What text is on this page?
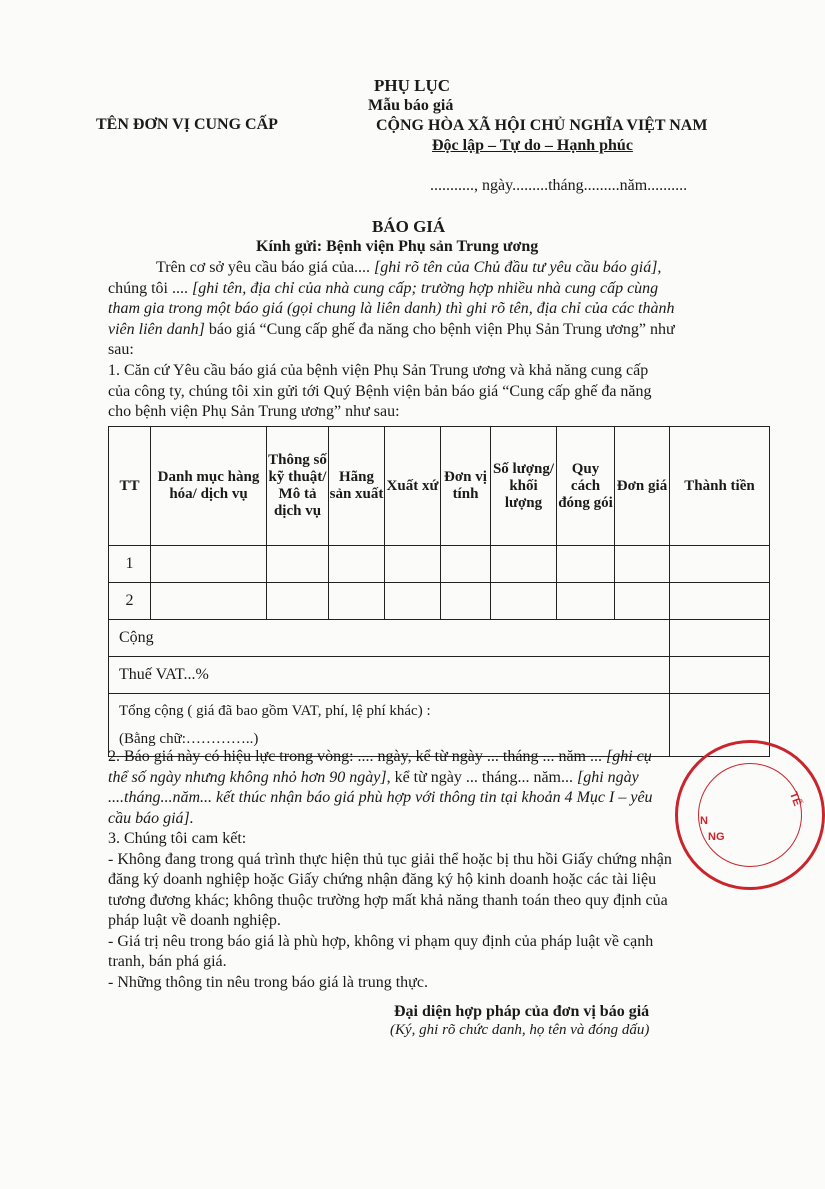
PHỤ LỤC
Mẫu báo giá
TÊN ĐƠN VỊ CUNG CẤP	CỘNG HÒA XÃ HỘI CHỦ NGHĨA VIỆT NAM
Độc lập – Tự do – Hạnh phúc
..........., ngày.........tháng.........năm..........
BÁO GIÁ
Kính gửi: Bệnh viện Phụ sản Trung ương
Trên cơ sở yêu cầu báo giá của.... [ghi rõ tên của Chủ đầu tư yêu cầu báo giá],
chúng tôi .... [ghi tên, địa chỉ của nhà cung cấp; trường hợp nhiều nhà cung cấp cùng
tham gia trong một báo giá (gọi chung là liên danh) thì ghi rõ tên, địa chỉ của các thành
viên liên danh] báo giá “Cung cấp ghế đa năng cho bệnh viện Phụ Sản Trung ương” như
sau:
1. Căn cứ Yêu cầu báo giá của bệnh viện Phụ Sản Trung ương và khả năng cung cấp
của công ty, chúng tôi xin gửi tới Quý Bệnh viện bản báo giá “Cung cấp ghế đa năng
cho bệnh viện Phụ Sản Trung ương” như sau:
TT	Danh mục hàng hóa/ dịch vụ	Thông số kỹ thuật/ Mô tả dịch vụ	Hãng sản xuất	Xuất xứ	Đơn vị tính	Số lượng/ khối lượng	Quy cách đóng gói	Đơn giá	Thành tiền
1									
2									
Cộng									
Thuế VAT...%									

Tổng cộng ( giá đã bao gồm VAT, phí, lệ phí khác) :
(Bằng chữ:…………..)									

2. Báo giá này có hiệu lực trong vòng: .... ngày, kể từ ngày ... tháng ... năm ... [ghi cụ
thể số ngày nhưng không nhỏ hơn 90 ngày], kể từ ngày ... tháng... năm... [ghi ngày
....tháng...năm... kết thúc nhận báo giá phù hợp với thông tin tại khoản 4 Mục I – yêu
cầu báo giá].
3. Chúng tôi cam kết:
- Không đang trong quá trình thực hiện thủ tục giải thể hoặc bị thu hồi Giấy chứng nhận
đăng ký doanh nghiệp hoặc Giấy chứng nhận đăng ký hộ kinh doanh hoặc các tài liệu
tương đương khác; không thuộc trường hợp mất khả năng thanh toán theo quy định của
pháp luật về doanh nghiệp.
- Giá trị nêu trong báo giá là phù hợp, không vi phạm quy định của pháp luật về cạnh
tranh, bán phá giá.
- Những thông tin nêu trong báo giá là trung thực.
Đại diện hợp pháp của đơn vị báo giá
(Ký, ghi rõ chức danh, họ tên và đóng dấu)
TẾ
N
NG
